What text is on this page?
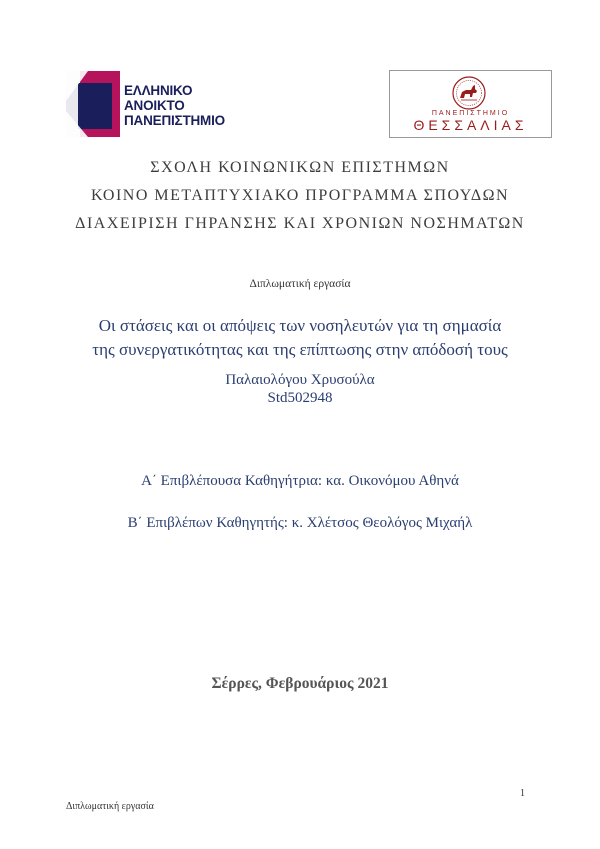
ΕΛΛΗΝΙΚΟ
ΑΝΟΙΚΤΟ
ΠΑΝΕΠΙΣΤΗΜΙΟ	ΠΑΝΕΠΙΣΤΗΜΙΟ
ΘΕΣΣΑΛΙΑΣ
ΣΧΟΛΗ ΚΟΙΝΩΝΙΚΩΝ ΕΠΙΣΤΗΜΩΝ
ΚΟΙΝΟ ΜΕΤΑΠΤΥΧΙΑΚΟ ΠΡΟΓΡΑΜΜΑ ΣΠΟΥΔΩΝ
ΔΙΑΧΕΙΡΙΣΗ ΓΗΡΑΝΣΗΣ ΚΑΙ ΧΡΟΝΙΩΝ ΝΟΣΗΜΑΤΩΝ
Διπλωματική εργασία
Οι στάσεις και οι απόψεις των νοσηλευτών για τη σημασία
της συνεργατικότητας και της επίπτωσης στην απόδοσή τους
Παλαιολόγου Χρυσούλα
Std502948
Α΄ Επιβλέπουσα Καθηγήτρια: κα. Οικονόμου Αθηνά
Β΄ Επιβλέπων Καθηγητής: κ. Χλέτσος Θεολόγος Μιχαήλ
Σέρρες, Φεβρουάριος 2021
1
Διπλωματική εργασία
